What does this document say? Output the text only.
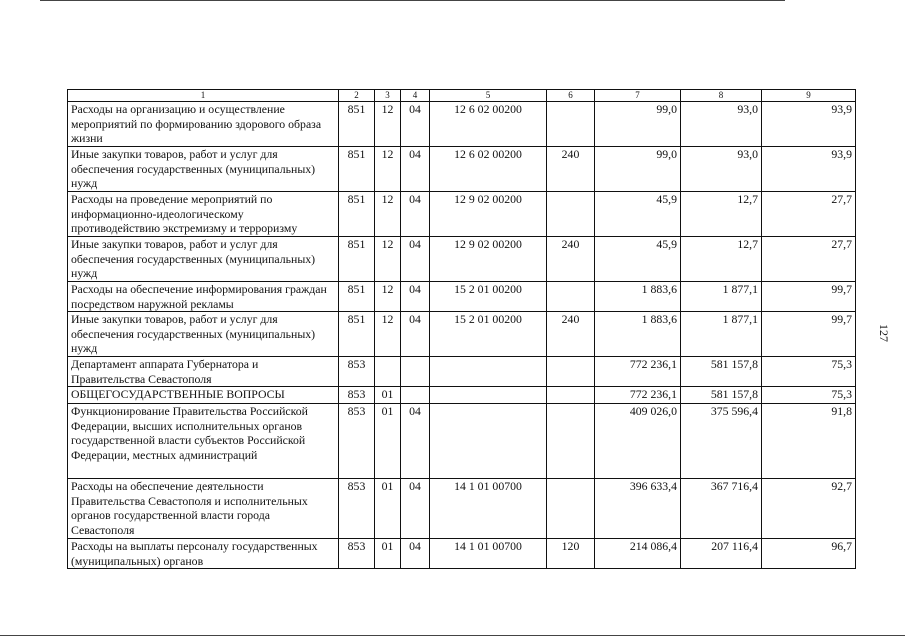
1	2	3	4	5	6	7	8	9
Расходы на организацию и осуществление мероприятий по формированию здорового образа жизни	851	12	04	12 6 02 00200		99,0	93,0	93,9
Иные закупки товаров, работ и услуг для обеспечения государственных (муниципальных) нужд	851	12	04	12 6 02 00200	240	99,0	93,0	93,9
Расходы на проведение мероприятий по информационно-идеологическому противодействию экстремизму и терроризму	851	12	04	12 9 02 00200		45,9	12,7	27,7
Иные закупки товаров, работ и услуг для обеспечения государственных (муниципальных) нужд	851	12	04	12 9 02 00200	240	45,9	12,7	27,7
Расходы на обеспечение информирования граждан посредством наружной рекламы	851	12	04	15 2 01 00200		1 883,6	1 877,1	99,7
Иные закупки товаров, работ и услуг для обеспечения государственных (муниципальных) нужд	851	12	04	15 2 01 00200	240	1 883,6	1 877,1	99,7
Департамент аппарата Губернатора и Правительства Севастополя	853					772 236,1	581 157,8	75,3
ОБЩЕГОСУДАРСТВЕННЫЕ ВОПРОСЫ	853	01				772 236,1	581 157,8	75,3
Функционирование Правительства Российской Федерации, высших исполнительных органов государственной власти субъектов Российской Федерации, местных администраций	853	01	04			409 026,0	375 596,4	91,8
Расходы на обеспечение деятельности Правительства Севастополя и исполнительных органов государственной власти города Севастополя	853	01	04	14 1 01 00700		396 633,4	367 716,4	92,7
Расходы на выплаты персоналу государственных (муниципальных) органов	853	01	04	14 1 01 00700	120	214 086,4	207 116,4	96,7
127
